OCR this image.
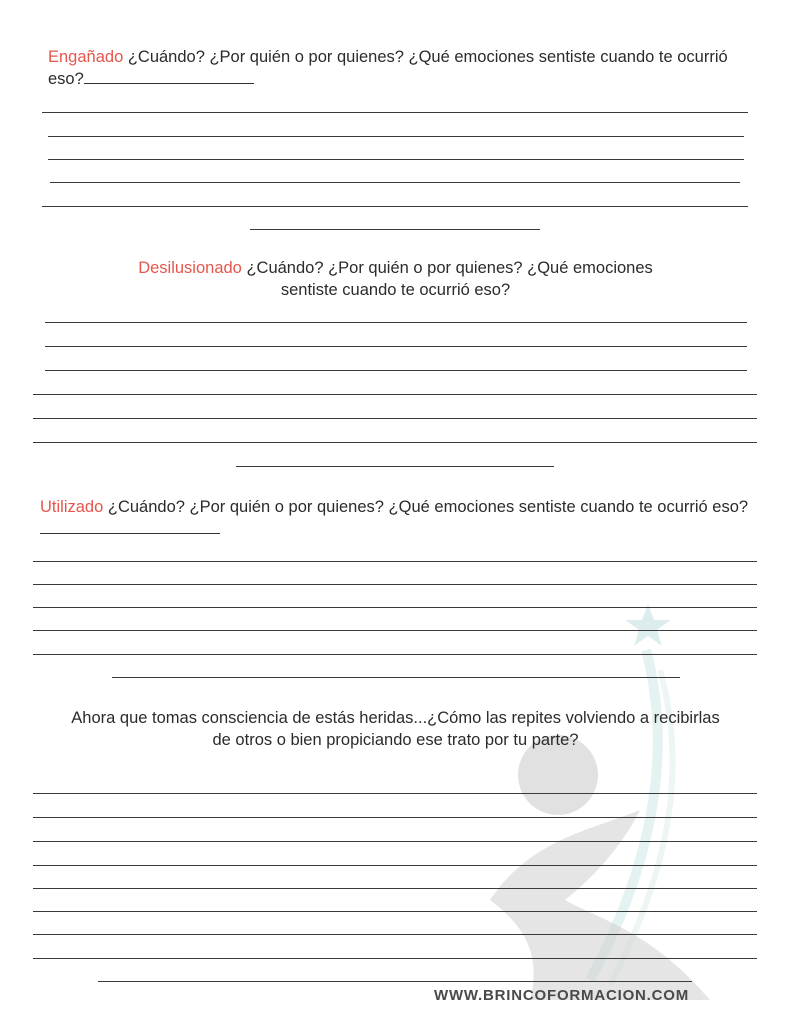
Engañado ¿Cuándo? ¿Por quién o por quienes? ¿Qué emociones sentiste cuando te ocurrió eso?

Desilusionado ¿Cuándo? ¿Por quién o por quienes? ¿Qué emociones sentiste cuando te ocurrió eso?

Utilizado ¿Cuándo? ¿Por quién o por quienes? ¿Qué emociones sentiste cuando te ocurrió eso?

Ahora que tomas consciencia de estás heridas...¿Cómo las repites volviendo a recibirlas de otros o bien propiciando ese trato por tu parte?

WWW.BRINCOFORMACION.COM
